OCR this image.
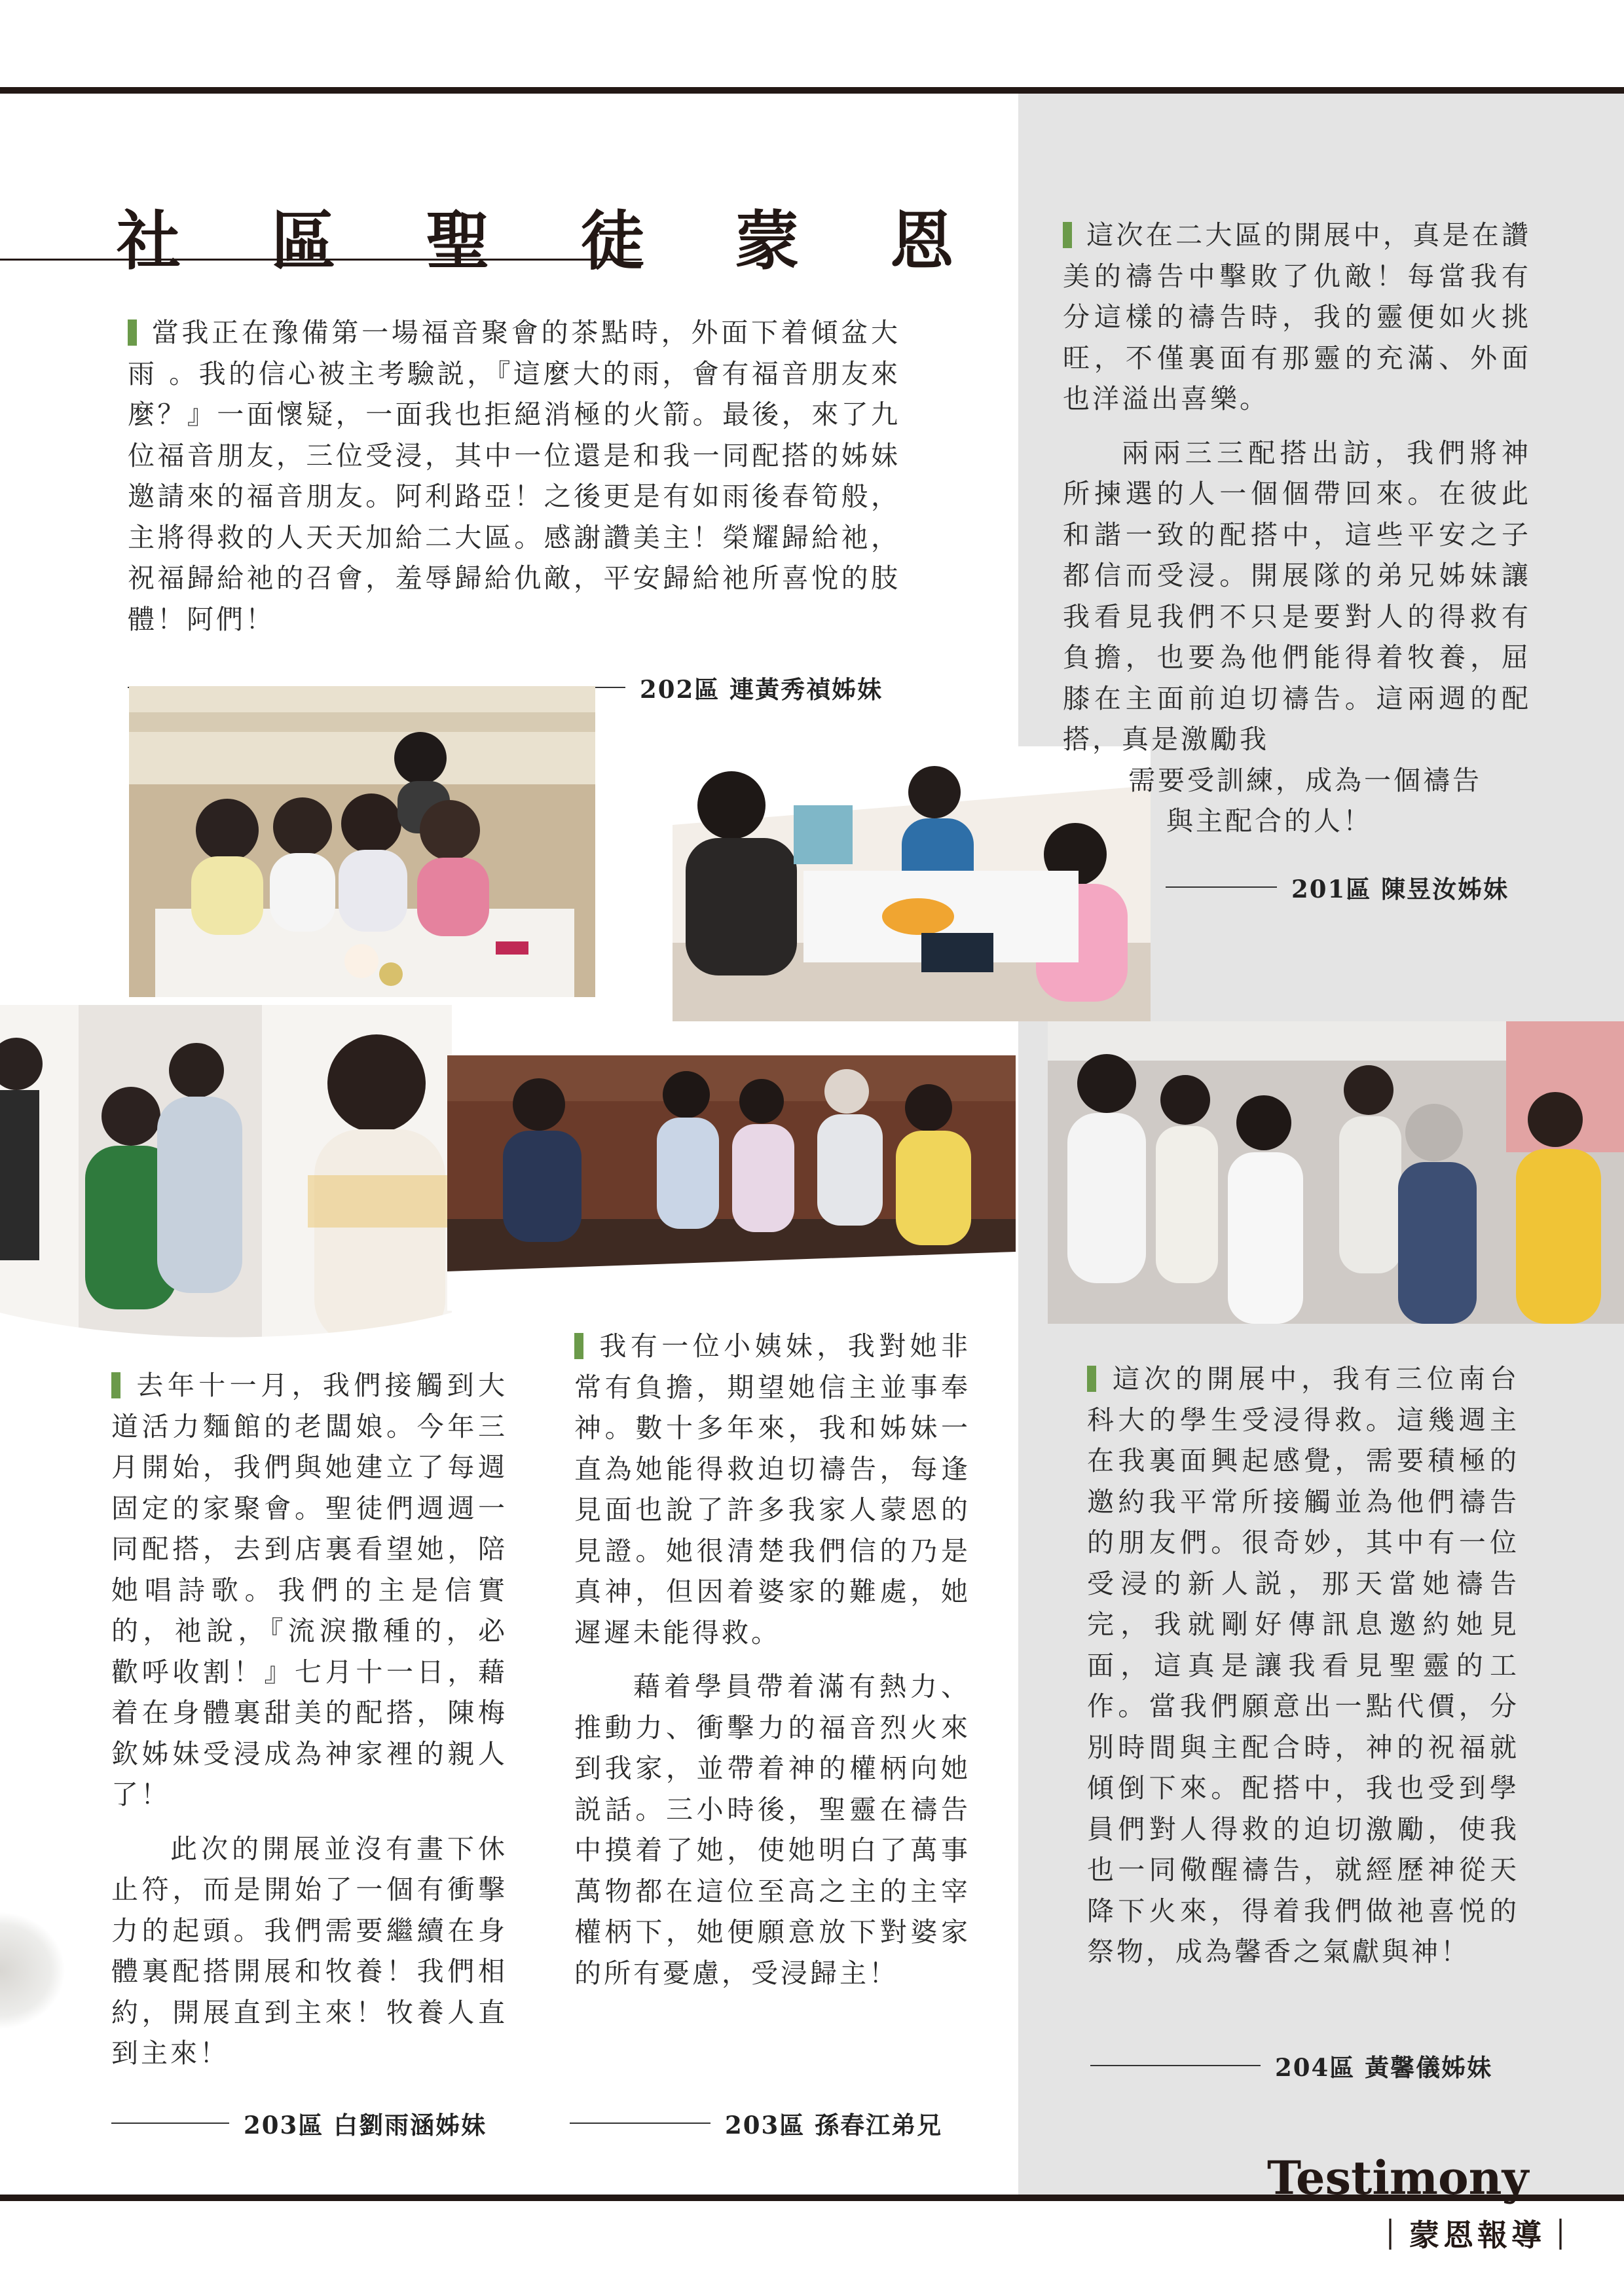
社 區 聖 徒 蒙 恩

當我正在豫備第一場福音聚會的茶點時，外面下着傾盆大雨 。我的信心被主考驗説，『這麼大的雨，會有福音朋友來麼？』一面懷疑，一面我也拒絕消極的火箭。最後，來了九位福音朋友，三位受浸，其中一位還是和我一同配搭的姊妹邀請來的福音朋友。阿利路亞！之後更是有如雨後春筍般，主將得救的人天天加給二大區。感謝讚美主！榮耀歸給祂，祝福歸給祂的召會，羞辱歸給仇敵，平安歸給祂所喜悅的肢體！阿們！

202區 連黃秀禎姊妹

這次在二大區的開展中，真是在讚美的禱告中擊敗了仇敵！每當我有分這樣的禱告時，我的靈便如火挑旺，不僅裏面有那靈的充滿、外面也洋溢出喜樂。

兩兩三三配搭出訪，我們將神所揀選的人一個個帶回來。在彼此和諧一致的配搭中，這些平安之子都信而受浸。開展隊的弟兄姊妹讓我看見我們不只是要對人的得救有負擔，也要為他們能得着牧養，屈膝在主面前迫切禱告。這兩週的配搭，真是激勵我

需要受訓練，成為一個禱告
與主配合的人！
201區 陳昱汝姊妹

去年十一月，我們接觸到大道活力麵館的老闆娘。今年三月開始，我們與她建立了每週固定的家聚會。聖徒們週週一同配搭，去到店裏看望她，陪她唱詩歌。我們的主是信實的，祂說，『流淚撒種的，必歡呼收割！』七月十一日，藉着在身體裏甜美的配搭，陳梅欽姊妹受浸成為神家裡的親人了！

此次的開展並沒有畫下休止符，而是開始了一個有衝擊力的起頭。我們需要繼續在身體裏配搭開展和牧養！我們相約，開展直到主來！牧養人直到主來！

203區 白劉雨涵姊妹

我有一位小姨妹，我對她非常有負擔，期望她信主並事奉神。數十多年來，我和姊妹一直為她能得救迫切禱告，每逢見面也說了許多我家人蒙恩的見證。她很清楚我們信的乃是真神，但因着婆家的難處，她遲遲未能得救。

藉着學員帶着滿有熱力、推動力、衝擊力的福音烈火來到我家，並帶着神的權柄向她説話。三小時後，聖靈在禱告中摸着了她，使她明白了萬事萬物都在這位至高之主的主宰權柄下，她便願意放下對婆家的所有憂慮，受浸歸主！

203區 孫春江弟兄

這次的開展中，我有三位南台科大的學生受浸得救。這幾週主在我裏面興起感覺，需要積極的邀約我平常所接觸並為他們禱告的朋友們。很奇妙，其中有一位受浸的新人説，那天當她禱告完，我就剛好傳訊息邀約她見面，這真是讓我看見聖靈的工作。當我們願意出一點代價，分別時間與主配合時，神的祝福就傾倒下來。配搭中，我也受到學員們對人得救的迫切激勵，使我也一同儆醒禱告，就經歷神從天降下火來，得着我們做祂喜悦的祭物，成為馨香之氣獻與神！

204區 黃馨儀姊妹
Testimony
｜蒙恩報導｜
